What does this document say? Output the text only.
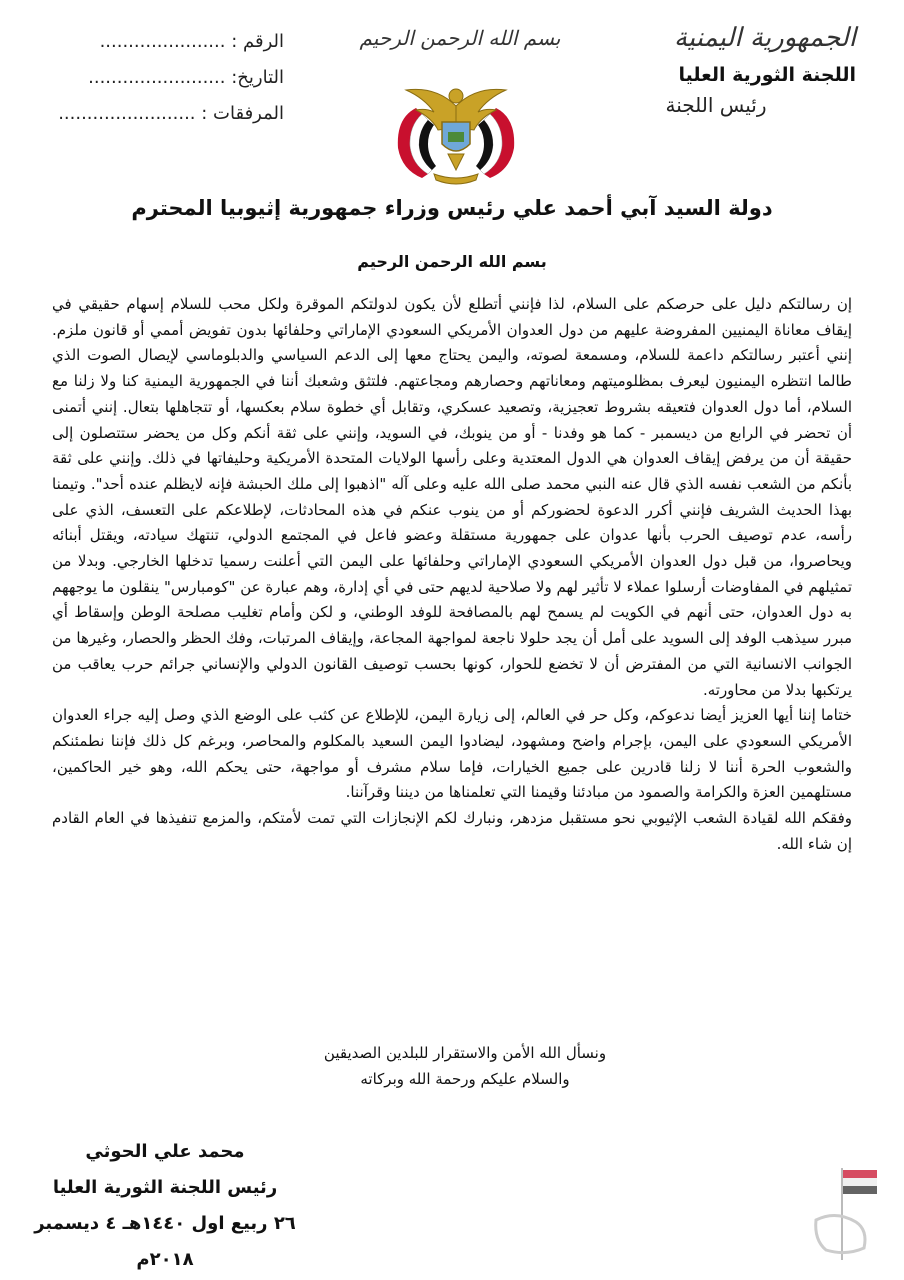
الجمهورية اليمنية
اللجنة الثورية العليا
رئيس اللجنة
الرقم : ......................
التاريخ: ........................
المرفقات : ........................
بسم الله الرحمن الرحيم
دولة السيد آبي أحمد علي رئيس وزراء جمهورية إثيوبيا المحترم
بسم الله الرحمن الرحيم

إن رسالتكم دليل على حرصكم على السلام، لذا فإنني أتطلع لأن يكون لدولتكم الموقرة ولكل محب للسلام إسهام حقيقي في إيقاف معاناة اليمنيين المفروضة عليهم من دول العدوان الأمريكي السعودي الإماراتي وحلفائها بدون تفويض أممي أو قانون ملزم. إنني أعتبر رسالتكم داعمة للسلام، ومسمعة لصوته، واليمن يحتاج معها إلى الدعم السياسي والدبلوماسي لإيصال الصوت الذي طالما انتظره اليمنيون ليعرف بمظلوميتهم ومعاناتهم وحصارهم ومجاعتهم. فلتثق وشعبك أننا في الجمهورية اليمنية كنا ولا زلنا مع السلام، أما دول العدوان فتعيقه بشروط تعجيزية، وتصعيد عسكري، وتقابل أي خطوة سلام بعكسها، أو تتجاهلها بتعال. إنني أتمنى أن تحضر في الرابع من ديسمبر - كما هو وفدنا - أو من ينوبك، في السويد، وإنني على ثقة أنكم وكل من يحضر ستتصلون إلى حقيقة أن من يرفض إيقاف العدوان هي الدول المعتدية وعلى رأسها الولايات المتحدة الأمريكية وحليفاتها في ذلك. وإنني على ثقة بأنكم من الشعب نفسه الذي قال عنه النبي محمد صلى الله عليه وعلى آله "اذهبوا إلى ملك الحبشة فإنه لايظلم عنده أحد". وتيمنا بهذا الحديث الشريف فإنني أكرر الدعوة لحضوركم أو من ينوب عنكم في هذه المحادثات، لإطلاعكم على التعسف، الذي على رأسه، عدم توصيف الحرب بأنها عدوان على جمهورية مستقلة وعضو فاعل في المجتمع الدولي، تنتهك سيادته، ويقتل أبنائه ويحاصروا، من قبل دول العدوان الأمريكي السعودي الإماراتي وحلفائها على اليمن التي أعلنت رسميا تدخلها الخارجي. وبدلا من تمثيلهم في المفاوضات أرسلوا عملاء لا تأثير لهم ولا صلاحية لديهم حتى في أي إدارة، وهم عبارة عن "كومبارس" ينقلون ما يوجههم به دول العدوان، حتى أنهم في الكويت لم يسمح لهم بالمصافحة للوفد الوطني، و لكن وأمام تغليب مصلحة الوطن وإسقاط أي مبرر سيذهب الوفد إلى السويد على أمل أن يجد حلولا ناجعة لمواجهة المجاعة، وإيقاف المرتبات، وفك الحظر والحصار، وغيرها من الجوانب الانسانية التي من المفترض أن لا تخضع للحوار، كونها بحسب توصيف القانون الدولي والإنساني جرائم حرب يعاقب من يرتكبها بدلا من محاورته.

ختاما إننا أيها العزيز أيضا ندعوكم، وكل حر في العالم، إلى زيارة اليمن، للإطلاع عن كثب على الوضع الذي وصل إليه جراء العدوان الأمريكي السعودي على اليمن، بإجرام واضح ومشهود، ليضادوا اليمن السعيد بالمكلوم والمحاصر، وبرغم كل ذلك فإننا نطمئنكم والشعوب الحرة أننا لا زلنا قادرين على جميع الخيارات، فإما سلام مشرف أو مواجهة، حتى يحكم الله، وهو خير الحاكمين، مستلهمين العزة والكرامة والصمود من مبادئنا وقيمنا التي تعلمناها من ديننا وقرآننا.

وفقكم الله لقيادة الشعب الإثيوبي نحو مستقبل مزدهر، ونبارك لكم الإنجازات التي تمت لأمتكم، والمزمع تنفيذها في العام القادم إن شاء الله.

ونسأل الله الأمن والاستقرار للبلدين الصديقين
والسلام عليكم ورحمة الله وبركاته
محمد علي الحوثي
رئيس اللجنة الثورية العليا
٢٦ ربيع اول ١٤٤٠هـ ٤ ديسمبر ٢٠١٨م
